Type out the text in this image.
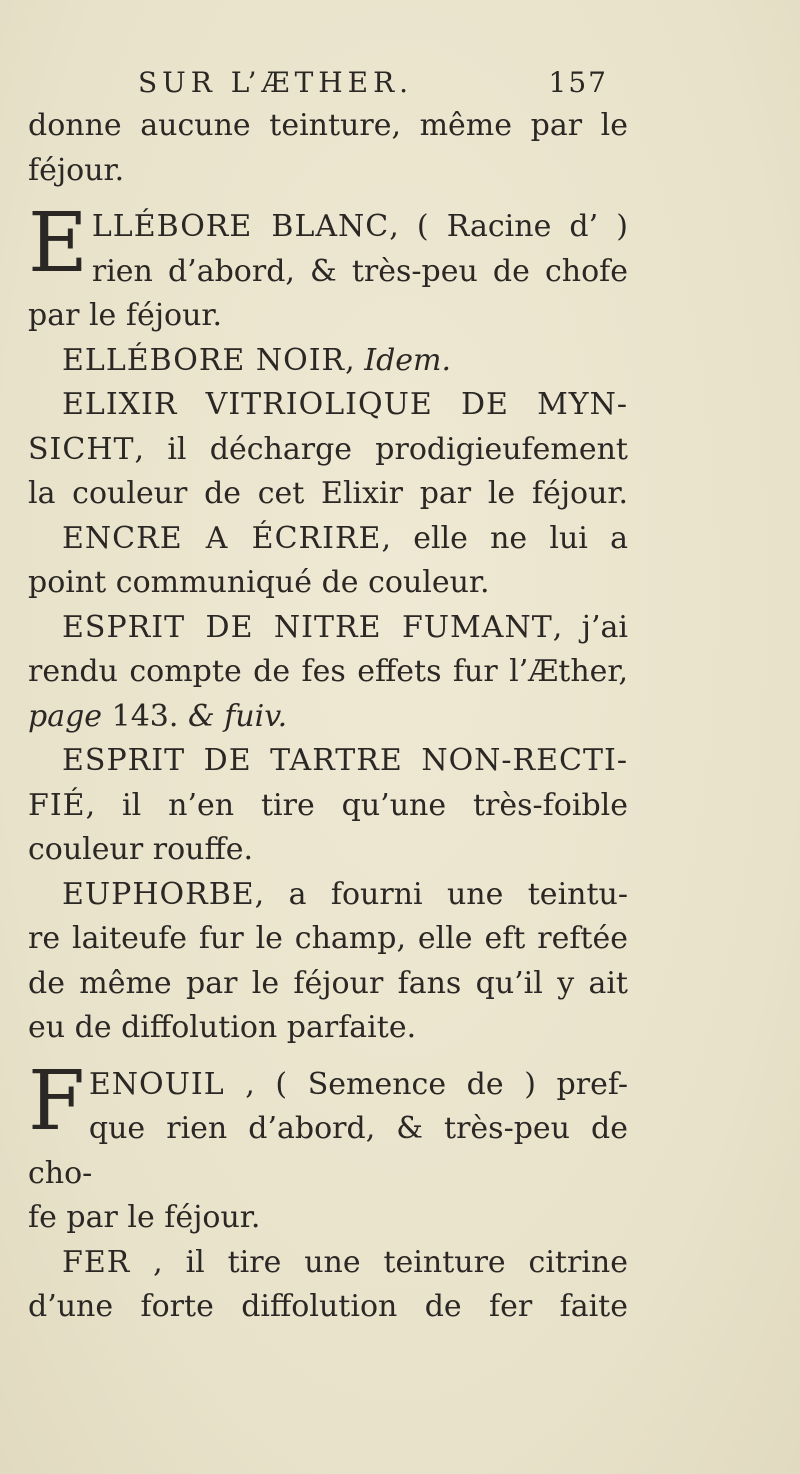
SUR L’ÆTHER.	157
donne aucune teinture, même par le
féjour.
E LLÉBORE BLANC, ( Racine d’ )
rien d’abord, & très-peu de chofe
par le féjour.
ELLÉBORE NOIR, Idem.
ELIXIR VITRIOLIQUE DE MYN-
SICHT, il décharge prodigieufement
la couleur de cet Elixir par le féjour.
ENCRE A ÉCRIRE, elle ne lui a
point communiqué de couleur.
ESPRIT DE NITRE FUMANT, j’ai
rendu compte de fes effets fur l’Æther,
page 143. & fuiv.
ESPRIT DE TARTRE NON-RECTI-
FIÉ, il n’en tire qu’une très-foible
couleur rouffe.
EUPHORBE, a fourni une teintu-
re laiteufe fur le champ, elle eft reftée
de même par le féjour fans qu’il y ait
eu de diffolution parfaite.
F ENOUIL , ( Semence de ) pref-
que rien d’abord, & très-peu de cho-
fe par le féjour.
FER , il tire une teinture citrine
d’une forte diffolution de fer faite
